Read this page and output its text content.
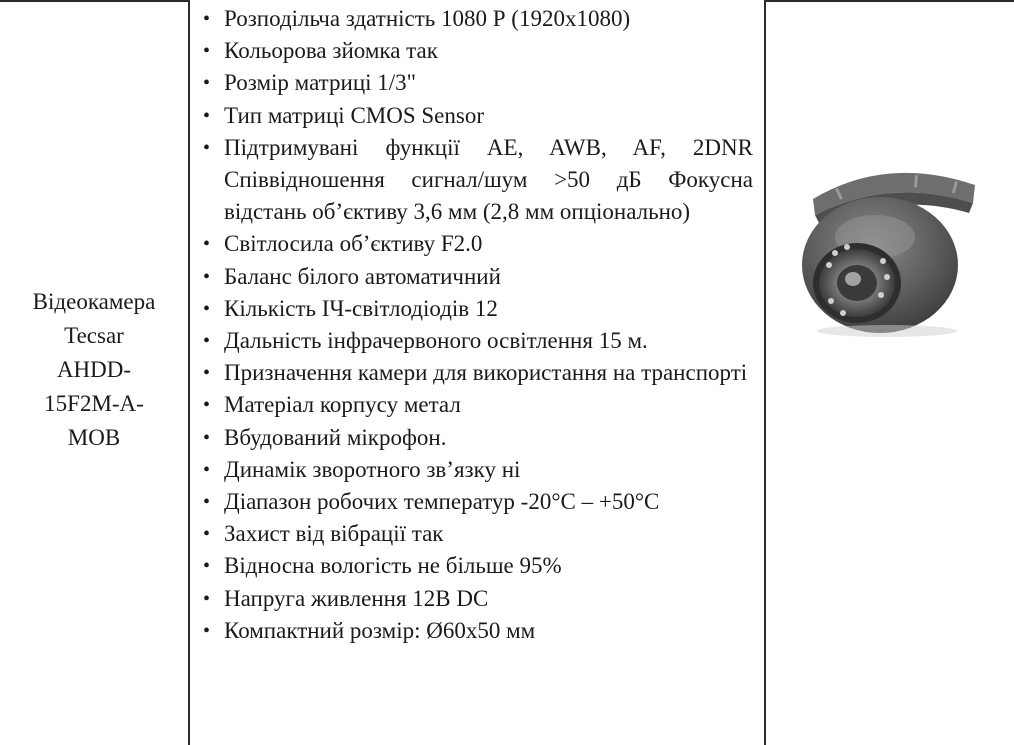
Відеокамера
Tecsar
AHDD-
15F2M-A-
MOB
• Розподільча здатність 1080 Р (1920х1080)
• Кольорова зйомка так
• Розмір матриці 1/3"
• Тип матриці CMOS Sensor
• Підтримувані функції AE, AWB, AF, 2DNR Співвідношення сигнал/шум >50 дБ Фокусна відстань об’єктиву 3,6 мм (2,8 мм опціонально)
• Світлосила об’єктиву F2.0
• Баланс білого автоматичний
• Кількість ІЧ-світлодіодів 12
• Дальність інфрачервоного освітлення 15 м.
• Призначення камери для використання на транспорті
• Матеріал корпусу метал
• Вбудований мікрофон.
• Динамік зворотного зв’язку ні
• Діапазон робочих температур -20°С – +50°С
• Захист від вібрації так
• Відносна вологість не більше 95%
• Напруга живлення 12В DC
• Компактний розмір: Ø60х50 мм
